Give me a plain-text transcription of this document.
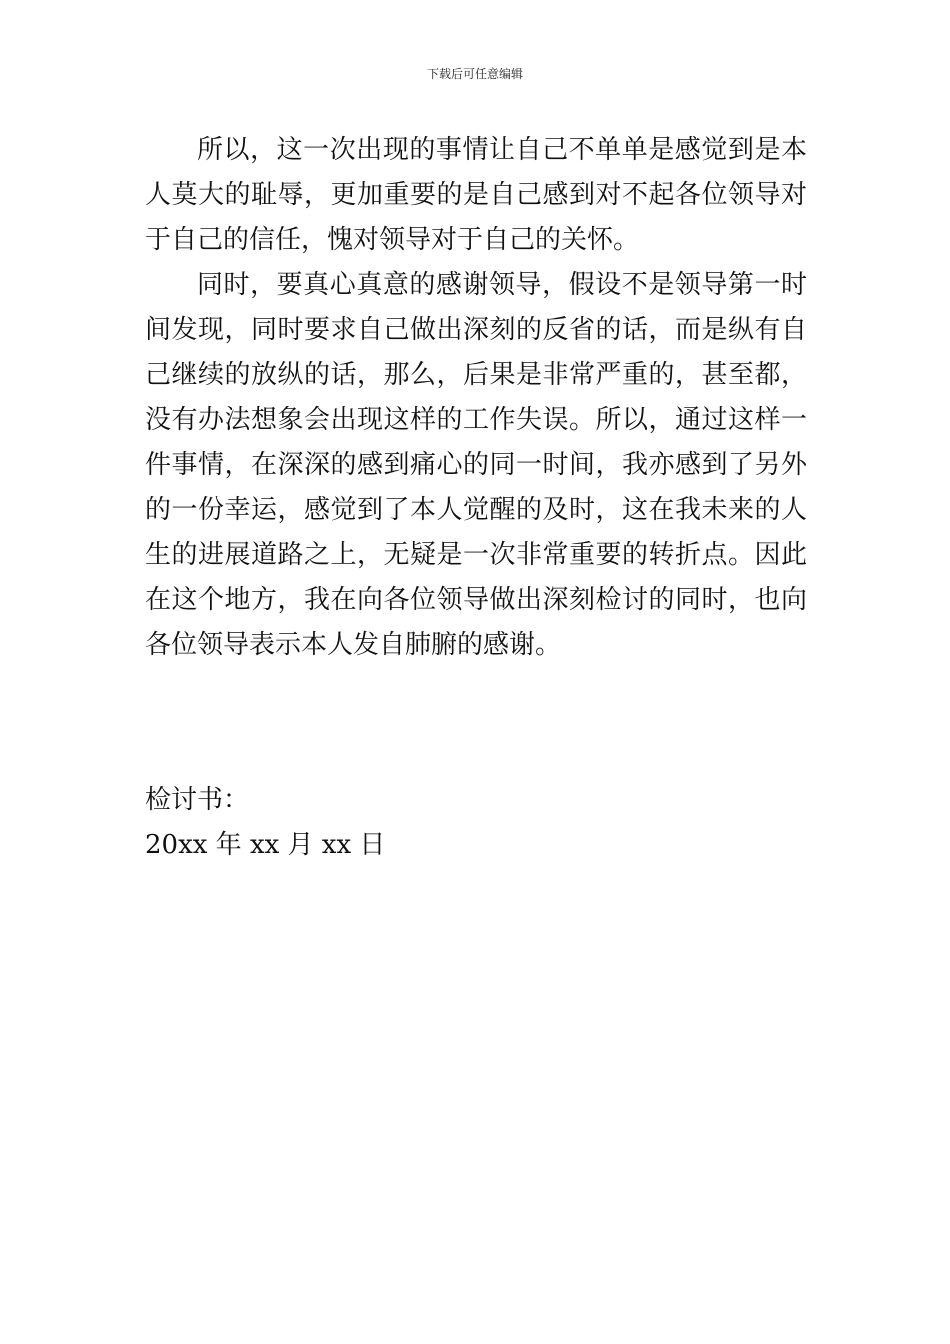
下载后可任意编辑

所以，这一次出现的事情让自己不单单是感觉到是本人莫大的耻辱，更加重要的是自己感到对不起各位领导对于自己的信任，愧对领导对于自己的关怀。

同时，要真心真意的感谢领导，假设不是领导第一时间发现，同时要求自己做出深刻的反省的话，而是纵有自己继续的放纵的话，那么，后果是非常严重的，甚至都，没有办法想象会出现这样的工作失误。所以，通过这样一件事情，在深深的感到痛心的同一时间，我亦感到了另外的一份幸运，感觉到了本人觉醒的及时，这在我未来的人生的进展道路之上，无疑是一次非常重要的转折点。因此在这个地方，我在向各位领导做出深刻检讨的同时，也向各位领导表示本人发自肺腑的感谢。

检讨书：
20xx 年 xx 月 xx 日
